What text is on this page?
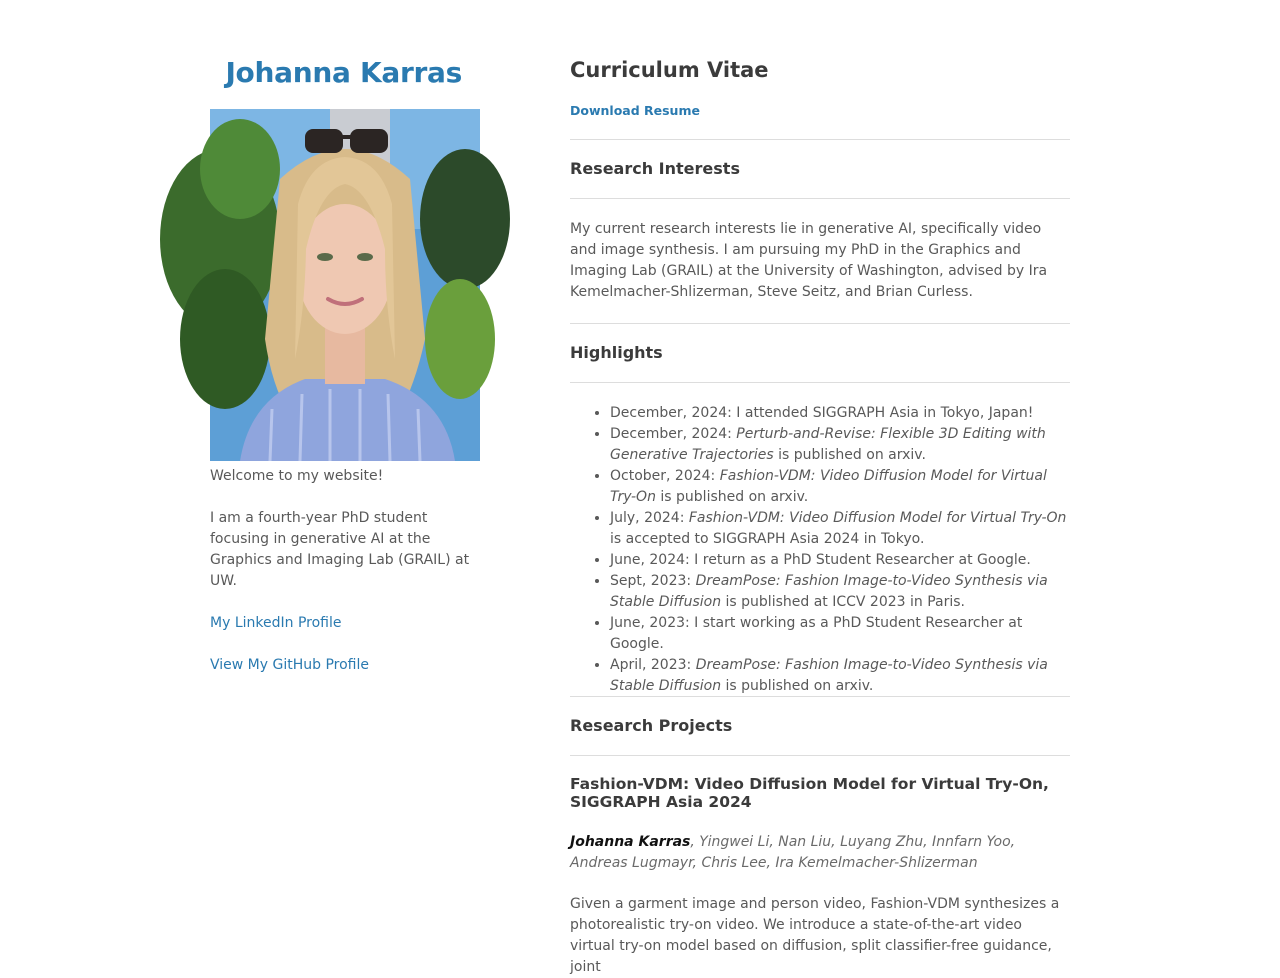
Johanna Karras

Welcome to my website!

I am a fourth-year PhD student focusing in generative AI at the Graphics and Imaging Lab (GRAIL) at UW.

My LinkedIn Profile

View My GitHub Profile

Curriculum Vitae
Download Resume
Research Interests

My current research interests lie in generative AI, specifically video and image synthesis. I am pursuing my PhD in the Graphics and Imaging Lab (GRAIL) at the University of Washington, advised by Ira Kemelmacher-Shlizerman, Steve Seitz, and Brian Curless.

Highlights
• December, 2024: I attended SIGGRAPH Asia in Tokyo, Japan!
• December, 2024: Perturb-and-Revise: Flexible 3D Editing with Generative Trajectories is published on arxiv.
• October, 2024: Fashion-VDM: Video Diffusion Model for Virtual Try-On is published on arxiv.
• July, 2024: Fashion-VDM: Video Diffusion Model for Virtual Try-On is accepted to SIGGRAPH Asia 2024 in Tokyo.
• June, 2024: I return as a PhD Student Researcher at Google.
• Sept, 2023: DreamPose: Fashion Image-to-Video Synthesis via Stable Diffusion is published at ICCV 2023 in Paris.
• June, 2023: I start working as a PhD Student Researcher at Google.
• April, 2023: DreamPose: Fashion Image-to-Video Synthesis via Stable Diffusion is published on arxiv.
Research Projects
Fashion-VDM: Video Diffusion Model for Virtual Try-On, SIGGRAPH Asia 2024

Johanna Karras, Yingwei Li, Nan Liu, Luyang Zhu, Innfarn Yoo, Andreas Lugmayr, Chris Lee, Ira Kemelmacher-Shlizerman

Given a garment image and person video, Fashion-VDM synthesizes a photorealistic try-on video. We introduce a state-of-the-art video virtual try-on model based on diffusion, split classifier-free guidance, joint
